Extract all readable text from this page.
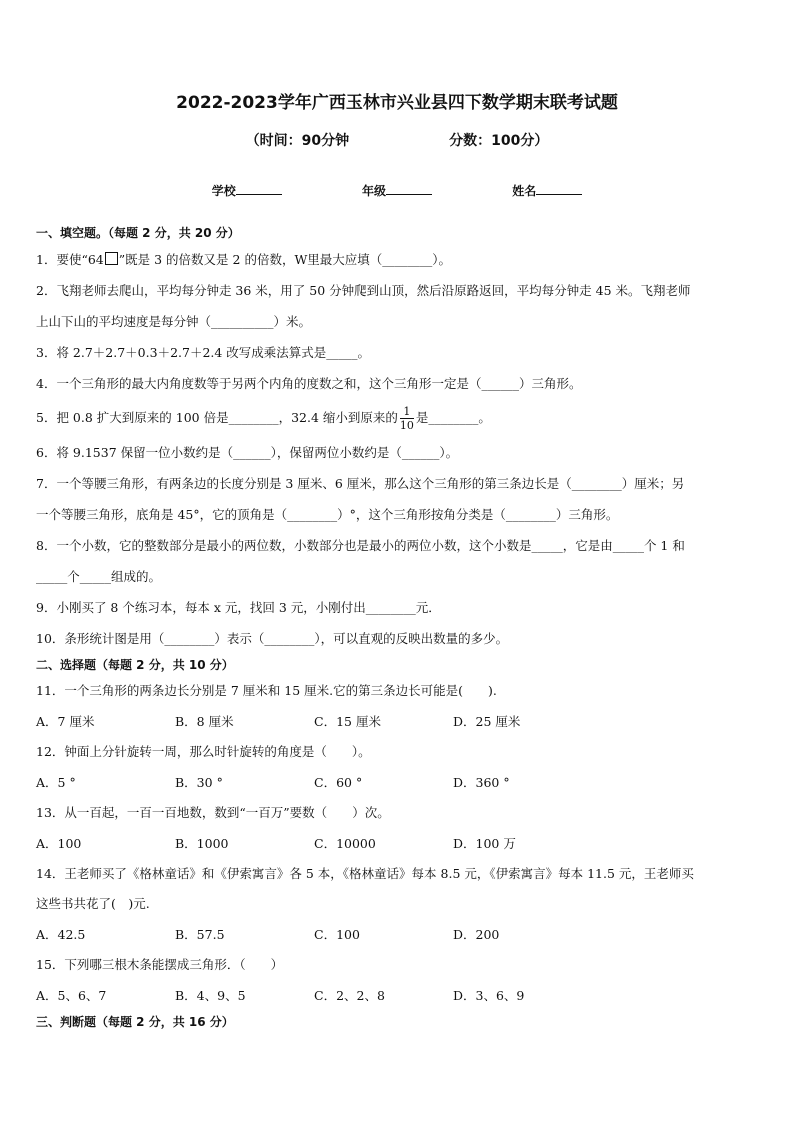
2022-2023学年广西玉林市兴业县四下数学期末联考试题
（时间：90分钟	分数：100分）
学校	年级	姓名
一、填空题。（每题 2 分，共 20 分）
1．要使“64 ”既是 3 的倍数又是 2 的倍数，W里最大应填（________）。
2．飞翔老师去爬山，平均每分钟走 36 米，用了 50 分钟爬到山顶，然后沿原路返回，平均每分钟走 45 米。飞翔老师
上山下山的平均速度是每分钟（__________）米。
3．将 2.7＋2.7＋0.3＋2.7＋2.4 改写成乘法算式是_____。
4．一个三角形的最大内角度数等于另两个内角的度数之和，这个三角形一定是（______）三角形。
5．把 0.8 扩大到原来的 100 倍是________，32.4 缩小到原来的 $\frac{1}{10}$ 是________。
6．将 9.1537 保留一位小数约是（______），保留两位小数约是（______）。
7．一个等腰三角形，有两条边的长度分别是 3 厘米、6 厘米，那么这个三角形的第三条边长是（________）厘米；另
一个等腰三角形，底角是 45°，它的顶角是（________）°，这个三角形按角分类是（________）三角形。
8．一个小数，它的整数部分是最小的两位数，小数部分也是最小的两位小数，这个小数是_____，它是由_____个 1 和
_____个_____组成的。
9．小刚买了 8 个练习本，每本 x 元，找回 3 元，小刚付出________元．
10．条形统计图是用（________）表示（________），可以直观的反映出数量的多少。
二、选择题（每题 2 分，共 10 分）
11．一个三角形的两条边长分别是 7 厘米和 15 厘米.它的第三条边长可能是(　　).
A．7 厘米	B．8 厘米	C．15 厘米	D．25 厘米
12．钟面上分针旋转一周，那么时针旋转的角度是（　　）。
A．5 °	B．30 °	C．60 °	D．360 °
13．从一百起，一百一百地数，数到“一百万”要数（　　）次。
A．100	B．1000	C．10000	D．100 万
14．王老师买了《格林童话》和《伊索寓言》各 5 本，《格林童话》每本 8.5 元，《伊索寓言》每本 11.5 元，王老师买
这些书共花了(　)元.
A．42.5	B．57.5	C．100	D．200
15．下列哪三根木条能摆成三角形．（　　）
A．5、6、7	B．4、9、5	C．2、2、8	D．3、6、9
三、判断题（每题 2 分，共 16 分）
